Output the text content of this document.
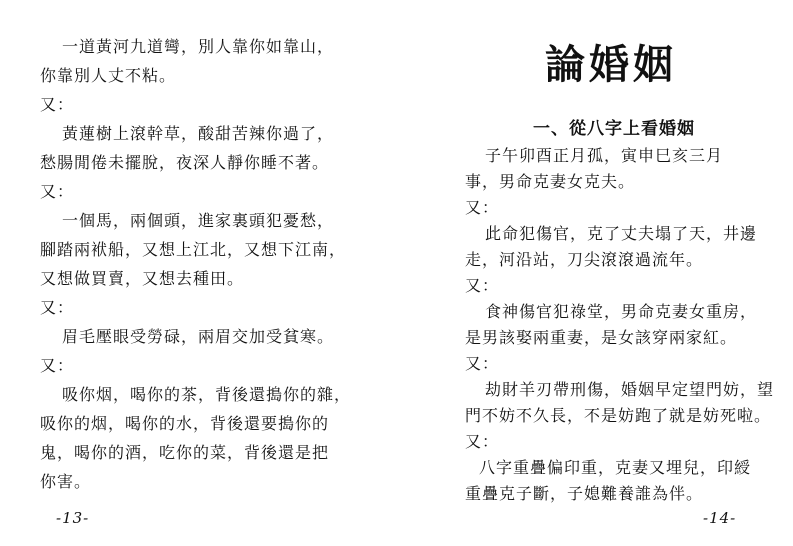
一道黃河九道彎，別人靠你如靠山，
你靠別人丈不粘。
又：
黃蓮樹上滾幹草，酸甜苦辣你過了，
愁腸閒倦未擺脫，夜深人靜你睡不著。
又：
一個馬，兩個頭，進家裏頭犯憂愁，
腳踏兩袱船，又想上江北，又想下江南，
又想做買賣，又想去種田。
又：
眉毛壓眼受勞碌，兩眉交加受貧寒。
又：
吸你烟，喝你的茶，背後還搗你的雜，
吸你的烟，喝你的水，背後還要搗你的
鬼，喝你的酒，吃你的菜，背後還是把
你害。
-13-
論婚姻
一、從八字上看婚姻
子午卯酉正月孤，寅申巳亥三月
事，男命克妻女克夫。
又：
此命犯傷官，克了丈夫塌了天，井邊
走，河沿站，刀尖滾滾過流年。
又：
食神傷官犯祿堂，男命克妻女重房，
是男該娶兩重妻，是女該穿兩家紅。
又：
劫財羊刃帶刑傷，婚姻早定望門妨，望
門不妨不久長，不是妨跑了就是妨死啦。
又：
八字重疊偏印重，克妻又埋兒，印綬
重疊克子斷，子媳難養誰為伴。
-14-
